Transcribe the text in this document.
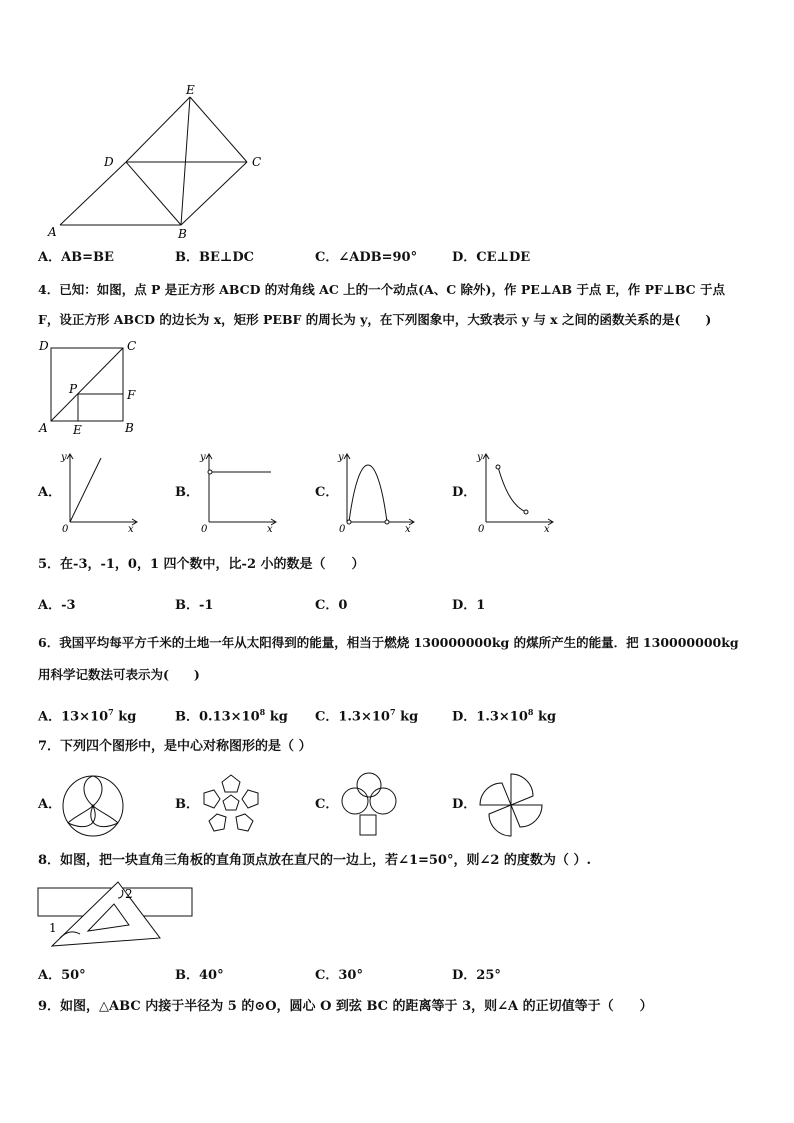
E
D	C
A	B
A．AB=BE	B．BE⊥DC	C．∠ADB=90°	D．CE⊥DE
4．已知：如图，点 P 是正方形 ABCD 的对角线 AC 上的一个动点(A、C 除外)，作 PE⊥AB 于点 E，作 PF⊥BC 于点
F，设正方形 ABCD 的边长为 x，矩形 PEBF 的周长为 y，在下列图象中，大致表示 y 与 x 之间的函数关系的是(　　)
D	C
P	F
A E	B
A．	B．	C．	D．
y
0	x
y
0	x
y
0	x
y
0	x
5．在-3，-1，0，1 四个数中，比-2 小的数是（　　）
A．-3	B．-1	C．0	D．1
6．我国平均每平方千米的土地一年从太阳得到的能量，相当于燃烧 130000000kg 的煤所产生的能量．把 130000000kg
用科学记数法可表示为(　　)
A．$13\times 10^7$ kg	B．$0.13\times 10^8$ kg C．$1.3\times 10^7$ kg	D．$1.3\times 10^8$ kg
7．下列四个图形中，是中心对称图形的是（ ）
A．	B．	C．	D．
8．如图，把一块直角三角板的直角顶点放在直尺的一边上，若∠1=50°，则∠2 的度数为（ ）.
1
2
A．50°	B．40°	C．30°	D．25°
9．如图，△ABC 内接于半径为 5 的⊙O，圆心 O 到弦 BC 的距离等于 3，则∠A 的正切值等于（　　）
